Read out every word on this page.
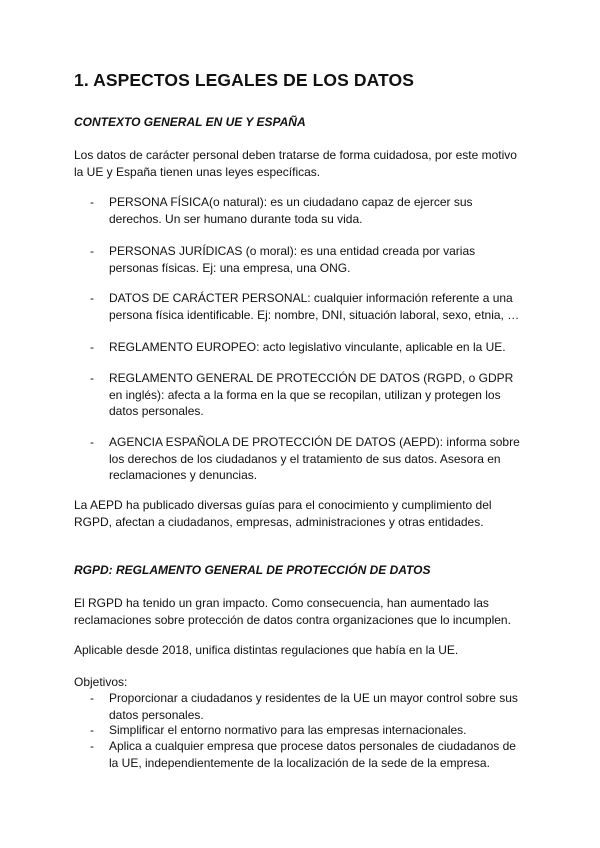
1. ASPECTOS LEGALES DE LOS DATOS
CONTEXTO GENERAL EN UE Y ESPAÑA

Los datos de carácter personal deben tratarse de forma cuidadosa, por este motivo
la UE y España tienen unas leyes específicas.

- PERSONA FÍSICA(o natural): es un ciudadano capaz de ejercer sus
derechos. Un ser humano durante toda su vida.
- PERSONAS JURÍDICAS (o moral): es una entidad creada por varias
personas físicas. Ej: una empresa, una ONG.
- DATOS DE CARÁCTER PERSONAL: cualquier información referente a una
persona física identificable. Ej: nombre, DNI, situación laboral, sexo, etnia, …
- REGLAMENTO EUROPEO: acto legislativo vinculante, aplicable en la UE.
- REGLAMENTO GENERAL DE PROTECCIÓN DE DATOS (RGPD, o GDPR
en inglés): afecta a la forma en la que se recopilan, utilizan y protegen los
datos personales.
- AGENCIA ESPAÑOLA DE PROTECCIÓN DE DATOS (AEPD): informa sobre
los derechos de los ciudadanos y el tratamiento de sus datos. Asesora en
reclamaciones y denuncias.

La AEPD ha publicado diversas guías para el conocimiento y cumplimiento del
RGPD, afectan a ciudadanos, empresas, administraciones y otras entidades.

RGPD: REGLAMENTO GENERAL DE PROTECCIÓN DE DATOS

El RGPD ha tenido un gran impacto. Como consecuencia, han aumentado las
reclamaciones sobre protección de datos contra organizaciones que lo incumplen.

Aplicable desde 2018, unifica distintas regulaciones que había en la UE.

Objetivos:

- Proporcionar a ciudadanos y residentes de la UE un mayor control sobre sus
datos personales.
- Simplificar el entorno normativo para las empresas internacionales.
- Aplica a cualquier empresa que procese datos personales de ciudadanos de
la UE, independientemente de la localización de la sede de la empresa.
